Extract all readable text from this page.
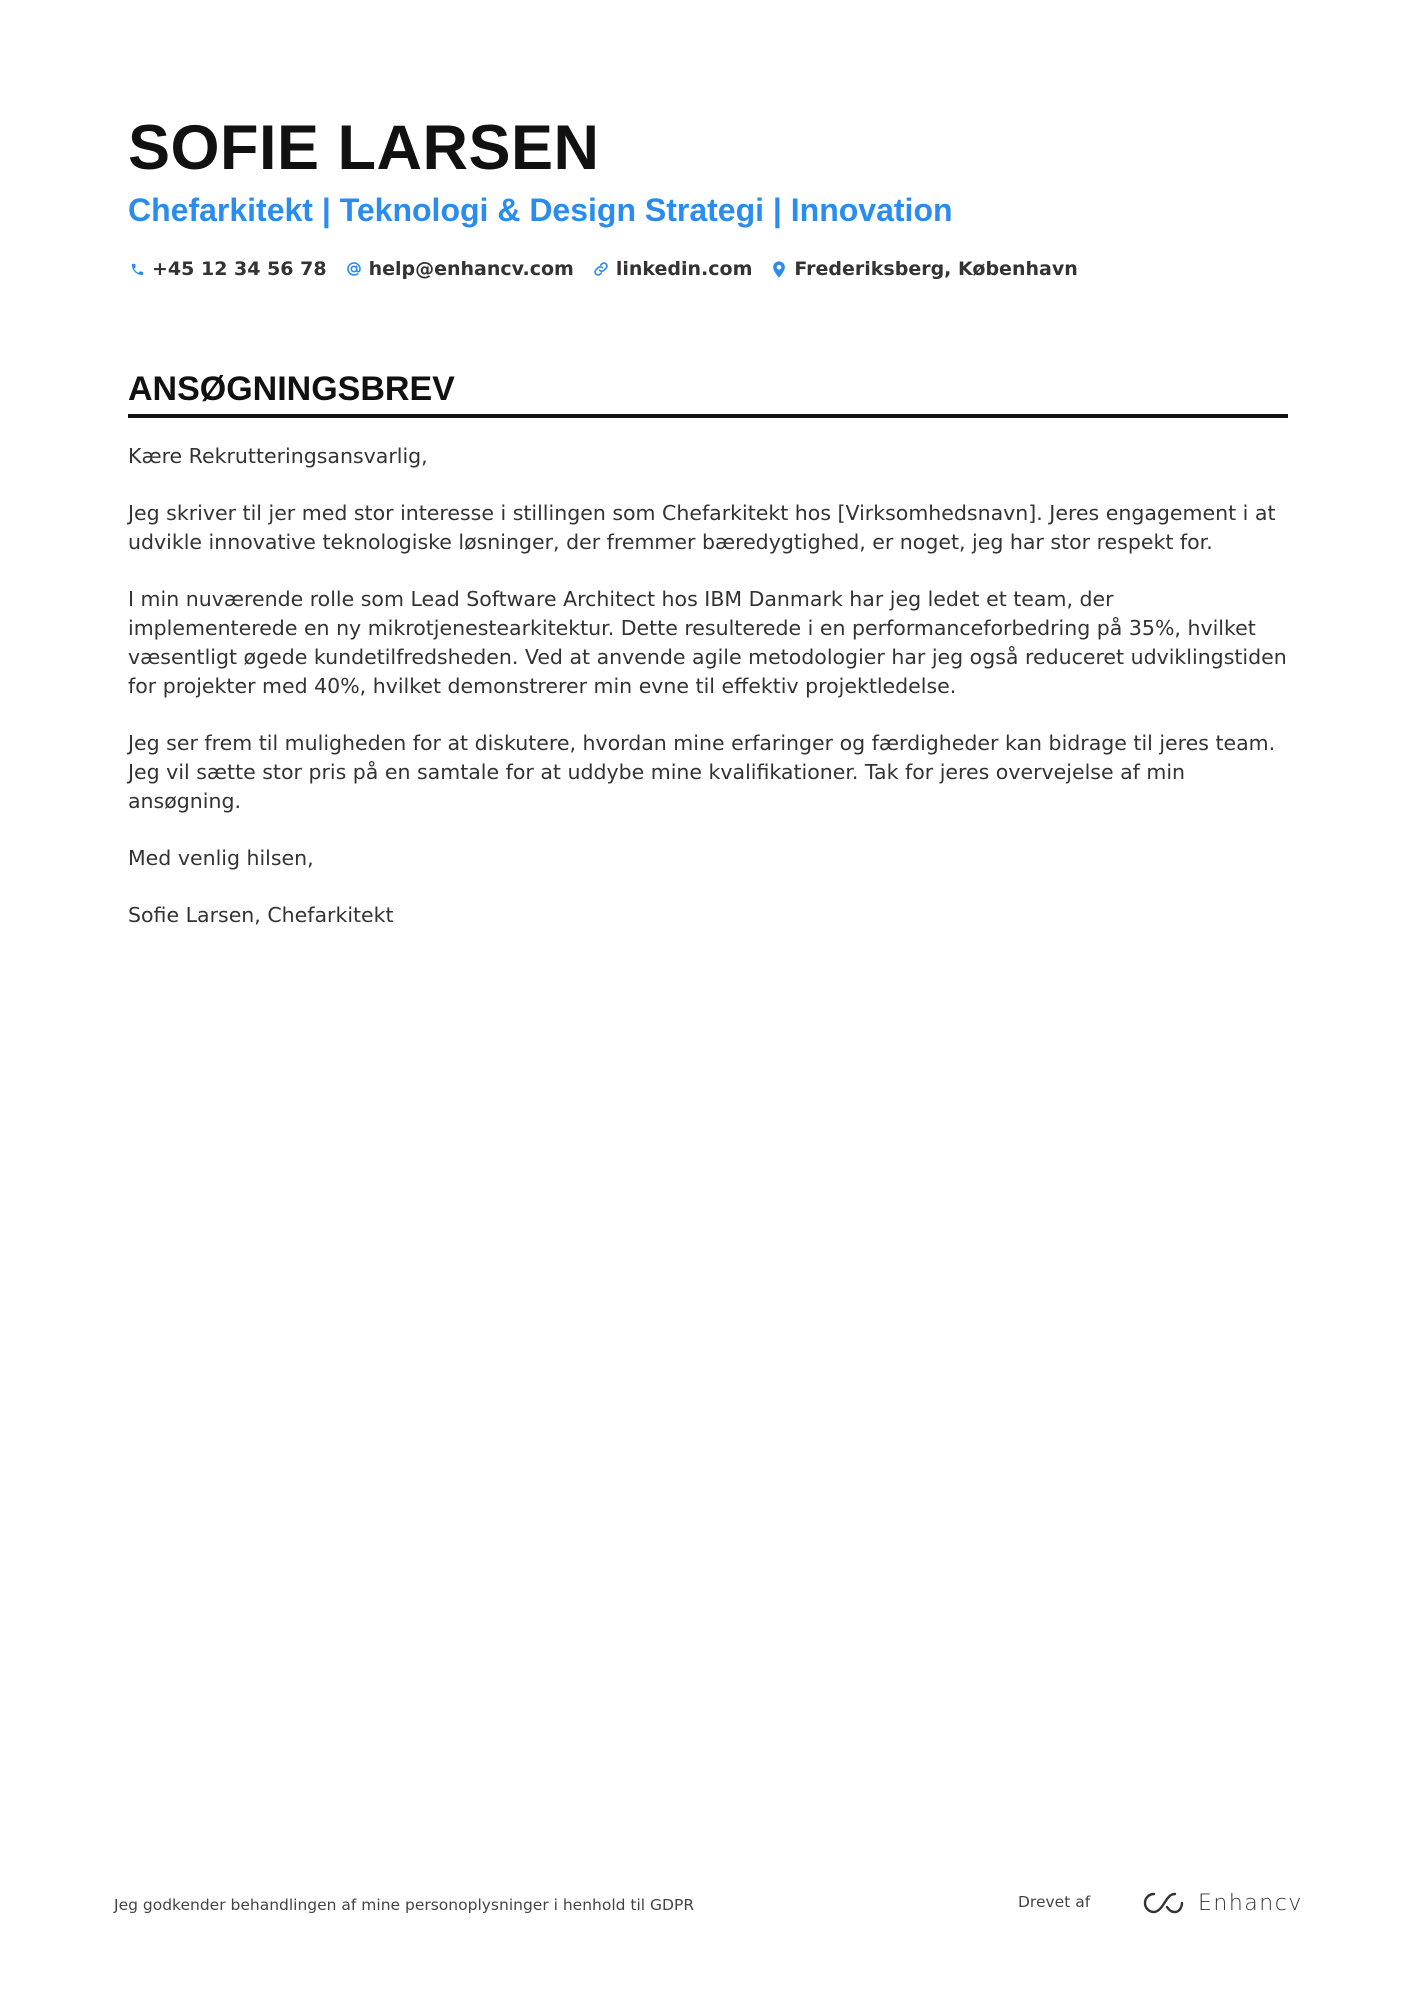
SOFIE LARSEN
Chefarkitekt | Teknologi & Design Strategi | Innovation
+45 12 34 56 78 help@enhancv.com linkedin.com Frederiksberg, København
ANSØGNINGSBREV

Kære Rekrutteringsansvarlig,

Jeg skriver til jer med stor interesse i stillingen som Chefarkitekt hos [Virksomhedsnavn]. Jeres engagement i at udvikle innovative teknologiske løsninger, der fremmer bæredygtighed, er noget, jeg har stor respekt for.

I min nuværende rolle som Lead Software Architect hos IBM Danmark har jeg ledet et team, der implementerede en ny mikrotjenestearkitektur. Dette resulterede i en performanceforbedring på 35%, hvilket væsentligt øgede kundetilfredsheden. Ved at anvende agile metodologier har jeg også reduceret udviklingstiden for projekter med 40%, hvilket demonstrerer min evne til effektiv projektledelse.

Jeg ser frem til muligheden for at diskutere, hvordan mine erfaringer og færdigheder kan bidrage til jeres team. Jeg vil sætte stor pris på en samtale for at uddybe mine kvalifikationer. Tak for jeres overvejelse af min ansøgning.

Med venlig hilsen,

Sofie Larsen, Chefarkitekt

Jeg godkender behandlingen af mine personoplysninger i henhold til GDPR	Drevet af	Enhancv
